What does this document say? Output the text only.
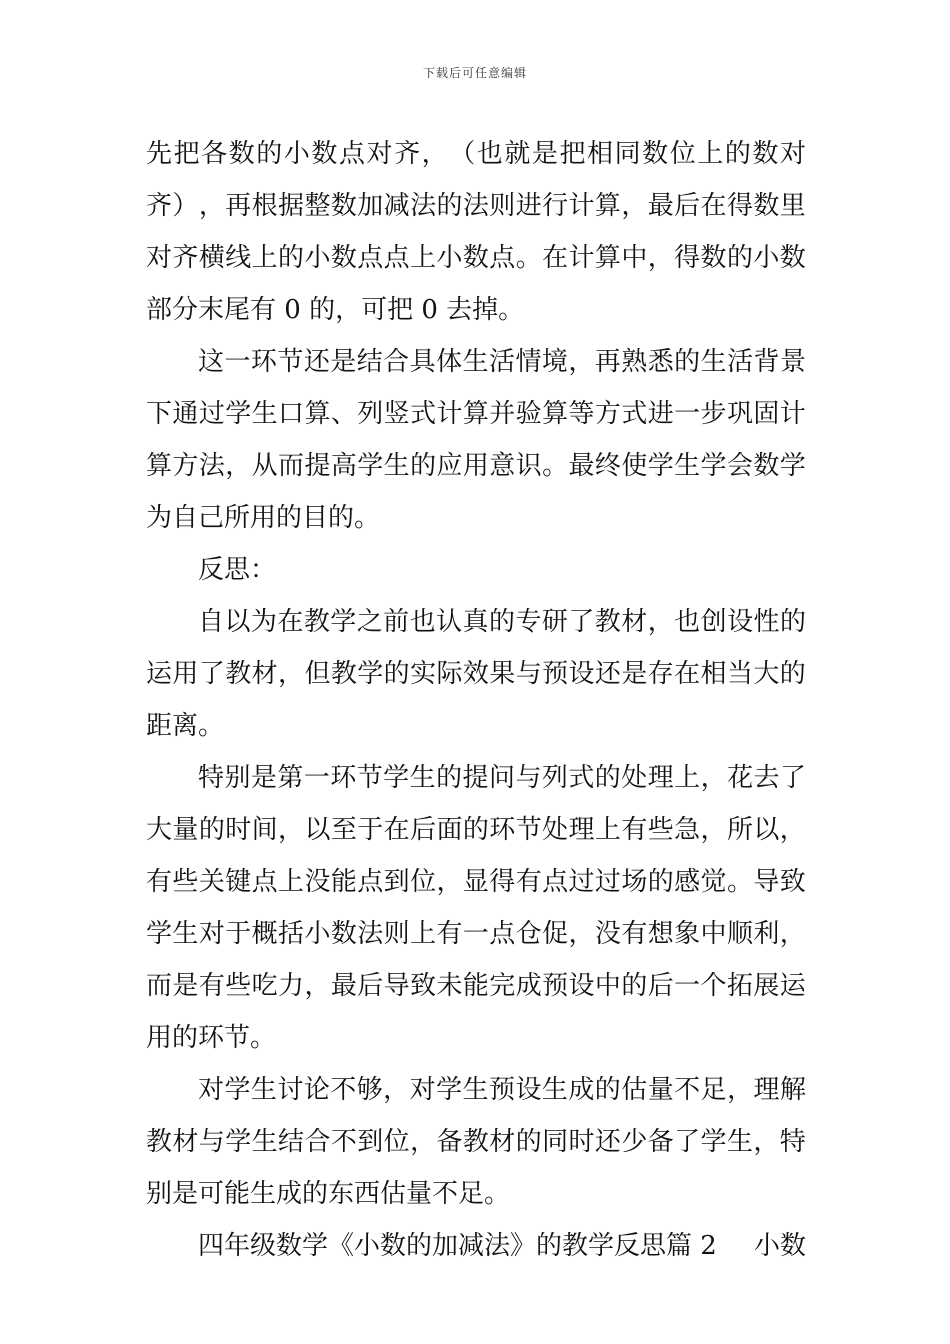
下载后可任意编辑
先 把 各 数 的 小 数 点 对 齐 ， （ 也 就 是 把 相 同 数 位 上 的 数 对
齐 ） ， 再 根 据 整 数 加 减 法 的 法 则 进 行 计 算 ， 最 后 在 得 数 里
对 齐 横 线 上 的 小 数 点 点 上 小 数 点 。 在 计 算 中 ， 得 数 的 小 数
部分末尾有 0 的，可把 0 去掉。
这 一 环 节 还 是 结 合 具 体 生 活 情 境 ， 再 熟 悉 的 生 活 背 景
下 通 过 学 生 口 算 、 列 竖 式 计 算 并 验 算 等 方 式 进 一 步 巩 固 计
算 方 法 ， 从 而 提 高 学 生 的 应 用 意 识 。 最 终 使 学 生 学 会 数 学
为自己所用的目的。
反思：
自 以 为 在 教 学 之 前 也 认 真 的 专 研 了 教 材 ， 也 创 设 性 的
运 用 了 教 材 ， 但 教 学 的 实 际 效 果 与 预 设 还 是 存 在 相 当 大 的
距离。
特 别 是 第 一 环 节 学 生 的 提 问 与 列 式 的 处 理 上 ， 花 去 了
大 量 的 时 间 ， 以 至 于 在 后 面 的 环 节 处 理 上 有 些 急 ， 所 以 ，
有 些 关 键 点 上 没 能 点 到 位 ， 显 得 有 点 过 过 场 的 感 觉 。 导 致
学 生 对 于 概 括 小 数 法 则 上 有 一 点 仓 促 ， 没 有 想 象 中 顺 利 ，
而 是 有 些 吃 力 ， 最 后 导 致 未 能 完 成 预 设 中 的 后 一 个 拓 展 运
用的环节。
对 学 生 讨 论 不 够 ， 对 学 生 预 设 生 成 的 估 量 不 足 ， 理 解
教 材 与 学 生 结 合 不 到 位 ， 备 教 材 的 同 时 还 少 备 了 学 生 ， 特
别是可能生成的东西估量不足。
四年级数学《小数的加减法》的教学反思篇 2 小数
